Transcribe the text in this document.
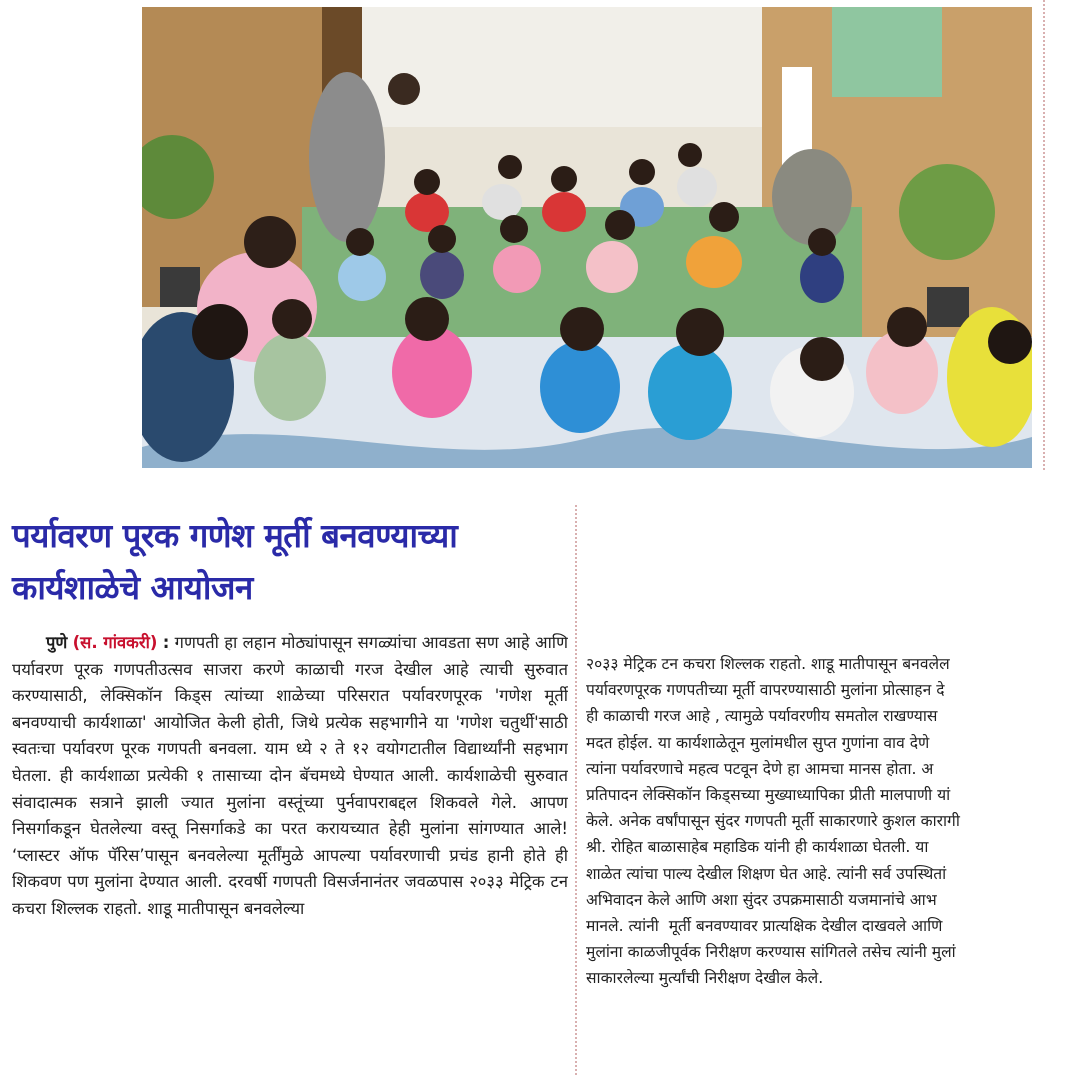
पर्यावरण पूरक गणेश मूर्ती बनवण्याच्या
कार्यशाळेचे आयोजन

पुणे (स. गांवकरी) : गणपती हा लहान मोठ्यांपासून सगळ्यांचा आवडता सण आहे आणि पर्यावरण पूरक गणपतीउत्सव साजरा करणे काळाची गरज देखील आहे त्याची सुरुवात करण्यासाठी, लेक्सिकॉन किड्स त्यांच्या शाळेच्या परिसरात पर्यावरणपूरक 'गणेश मूर्ती बनवण्याची कार्यशाळा' आयोजित केली होती, जिथे प्रत्येक सहभागीने या 'गणेश चतुर्थी'साठी स्वतःचा पर्यावरण पूरक गणपती बनवला. याम ध्ये २ ते १२ वयोगटातील विद्यार्थ्यांनी सहभाग घेतला. ही कार्यशाळा प्रत्येकी १ तासाच्या दोन बॅचमध्ये घेण्यात आली. कार्यशाळेची सुरुवात संवादात्मक सत्राने झाली ज्यात मुलांना वस्तूंच्या पुर्नवापराबद्दल शिकवले गेले. आपण निसर्गाकडून घेतलेल्या वस्तू निसर्गाकडे का परत करायच्यात हेही मुलांना सांगण्यात आले! ‘प्लास्टर ऑफ पॅरिस’पासून बनवलेल्या मूर्तींमुळे आपल्या पर्यावरणाची प्रचंड हानी होते ही शिकवण पण मुलांना देण्यात आली. दरवर्षी गणपती विसर्जनानंतर जवळपास २०३३ मेट्रिक टन कचरा शिल्लक राहतो. शाडू मातीपासून बनवलेल्या

२०३३ मेट्रिक टन कचरा शिल्लक राहतो. शाडू मातीपासून बनवलेल
पर्यावरणपूरक गणपतीच्या मूर्ती वापरण्यासाठी मुलांना प्रोत्साहन दे
ही काळाची गरज आहे , त्यामुळे पर्यावरणीय समतोल राखण्यास
मदत होईल. या कार्यशाळेतून मुलांमधील सुप्त गुणांना वाव देणे
त्यांना पर्यावरणाचे महत्व पटवून देणे हा आमचा मानस होता. अ
प्रतिपादन लेक्सिकॉन किड्सच्या मुख्याध्यापिका प्रीती मालपाणी यां
केले. अनेक वर्षांपासून सुंदर गणपती मूर्ती साकारणारे कुशल कारागी
श्री. रोहित बाळासाहेब महाडिक यांनी ही कार्यशाळा घेतली. या
शाळेत त्यांचा पाल्य देखील शिक्षण घेत आहे. त्यांनी सर्व उपस्थितां
अभिवादन केले आणि अशा सुंदर उपक्रमासाठी यजमानांचे आभ
मानले. त्यांनी  मूर्ती बनवण्यावर प्रात्यक्षिक देखील दाखवले आणि
मुलांना काळजीपूर्वक निरीक्षण करण्यास सांगितले तसेच त्यांनी मुलां
साकारलेल्या मुर्त्यांची निरीक्षण देखील केले.
